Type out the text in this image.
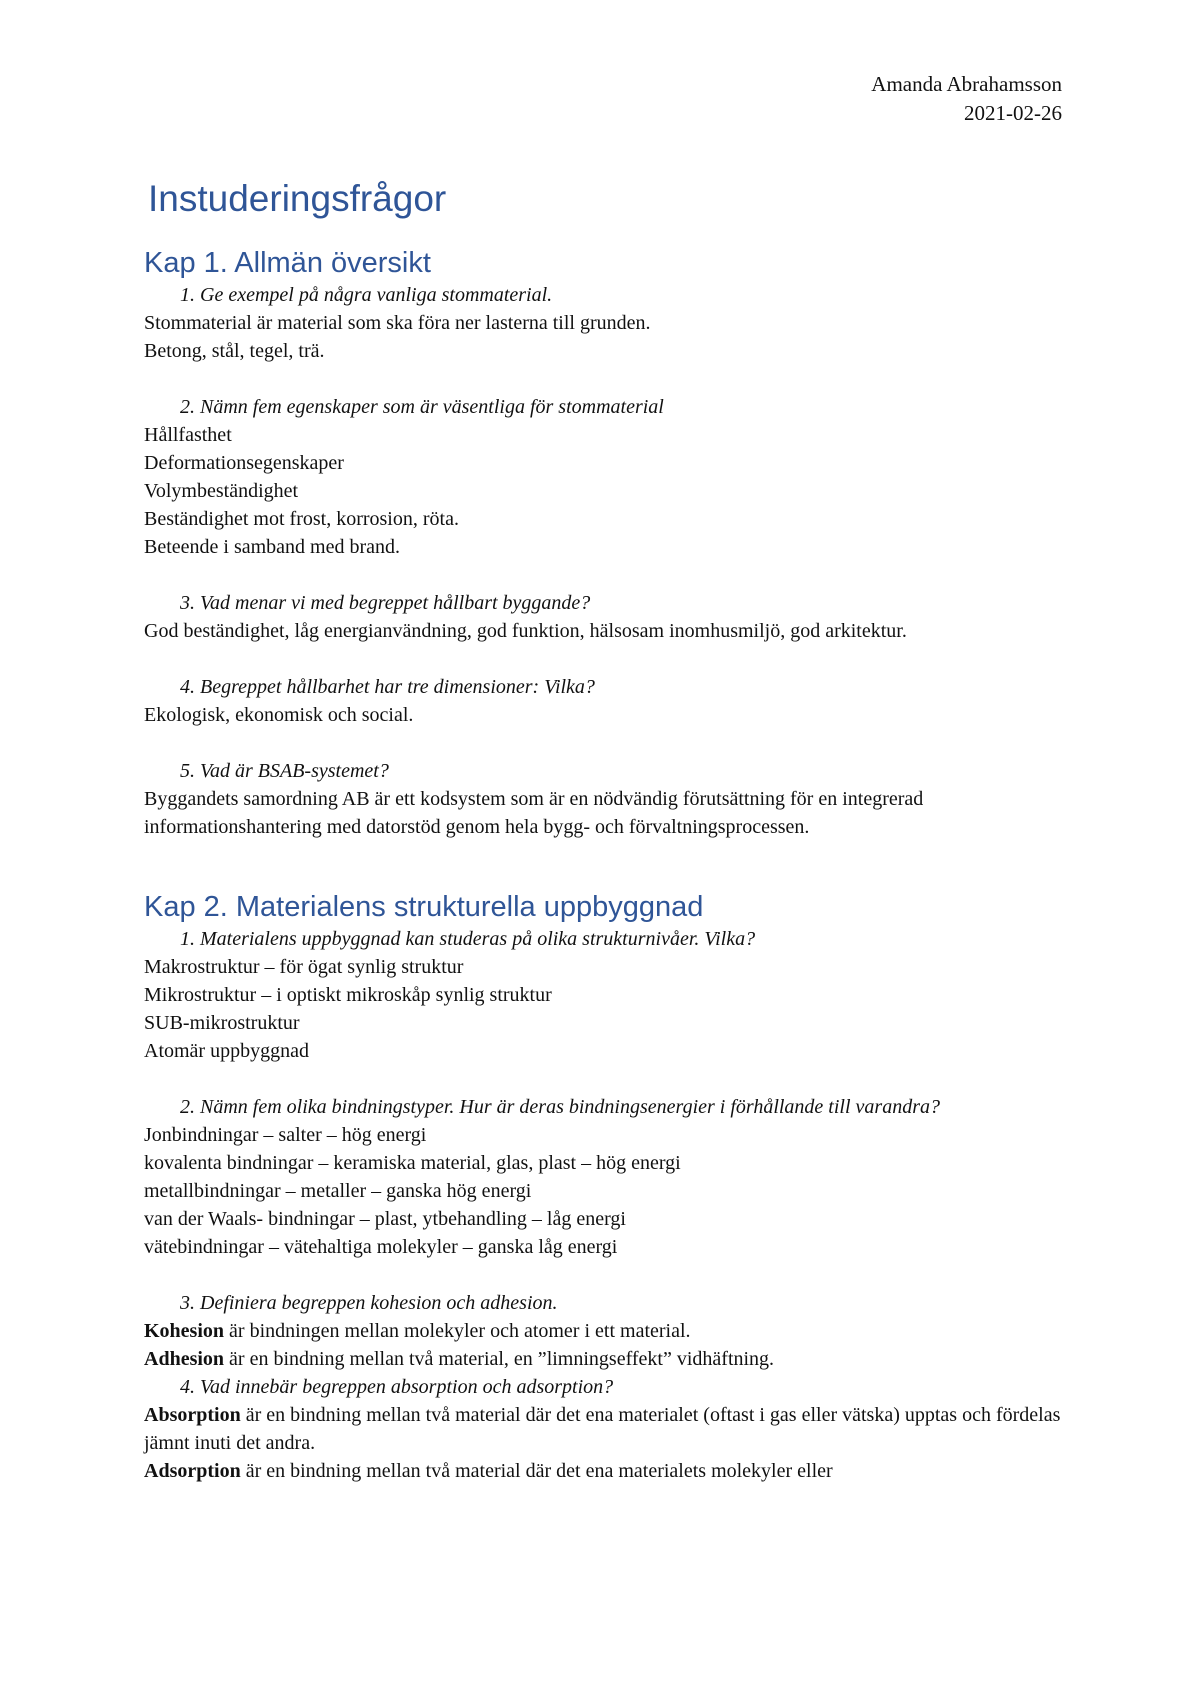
Amanda Abrahamsson
2021-02-26
Instuderingsfrågor
Kap 1. Allmän översikt
1. Ge exempel på några vanliga stommaterial.
Stommaterial är material som ska föra ner lasterna till grunden.
Betong, stål, tegel, trä.
2. Nämn fem egenskaper som är väsentliga för stommaterial
Hållfasthet
Deformationsegenskaper
Volymbeständighet
Beständighet mot frost, korrosion, röta.
Beteende i samband med brand.
3. Vad menar vi med begreppet hållbart byggande?
God beständighet, låg energianvändning, god funktion, hälsosam inomhusmiljö, god arkitektur.
4. Begreppet hållbarhet har tre dimensioner: Vilka?
Ekologisk, ekonomisk och social.
5. Vad är BSAB-systemet?
Byggandets samordning AB är ett kodsystem som är en nödvändig förutsättning för en integrerad informationshantering med datorstöd genom hela bygg- och förvaltningsprocessen.
Kap 2. Materialens strukturella uppbyggnad
1. Materialens uppbyggnad kan studeras på olika strukturnivåer. Vilka?
Makrostruktur – för ögat synlig struktur
Mikrostruktur – i optiskt mikroskåp synlig struktur
SUB-mikrostruktur
Atomär uppbyggnad
2. Nämn fem olika bindningstyper. Hur är deras bindningsenergier i förhållande till varandra?
Jonbindningar – salter – hög energi
kovalenta bindningar – keramiska material, glas, plast – hög energi
metallbindningar – metaller – ganska hög energi
van der Waals- bindningar – plast, ytbehandling – låg energi
vätebindningar – vätehaltiga molekyler – ganska låg energi
3. Definiera begreppen kohesion och adhesion.
Kohesion är bindningen mellan molekyler och atomer i ett material.
Adhesion är en bindning mellan två material, en ”limningseffekt” vidhäftning.
4. Vad innebär begreppen absorption och adsorption?
Absorption är en bindning mellan två material där det ena materialet (oftast i gas eller vätska) upptas och fördelas jämnt inuti det andra.
Adsorption är en bindning mellan två material där det ena materialets molekyler eller
